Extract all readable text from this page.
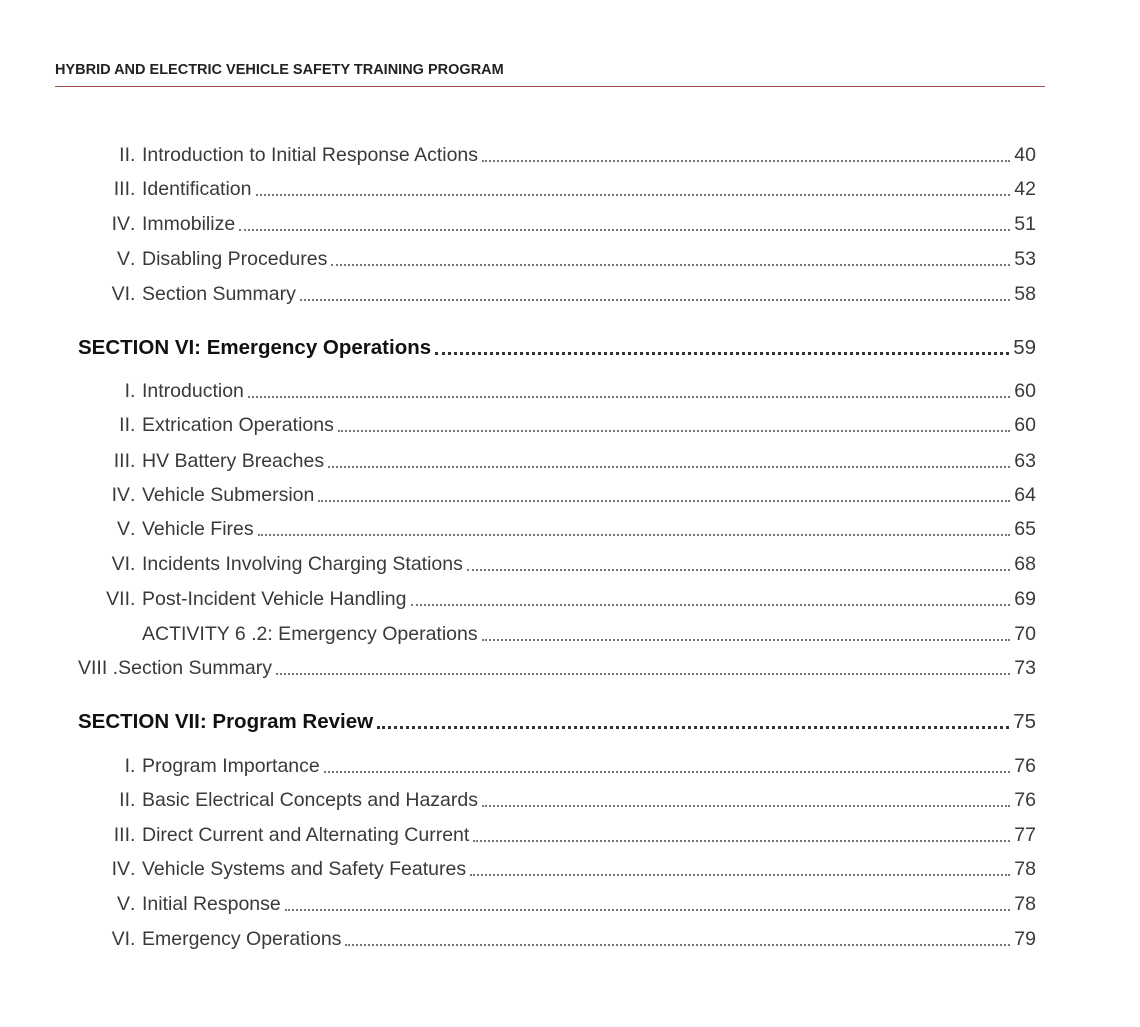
HYBRID AND ELECTRIC VEHICLE SAFETY TRAINING PROGRAM
II . Introduction to Initial Response Actions	40
III . Identification	42
IV . Immobilize	51
V . Disabling Procedures	53
VI . Section Summary	58
SECTION VI: Emergency Operations	59
I . Introduction	60
II . Extrication Operations	60
III . HV Battery Breaches	63
IV . Vehicle Submersion	64
V . Vehicle Fires	65
VI . Incidents Involving Charging Stations	68
VII . Post-Incident Vehicle Handling	69
ACTIVITY 6 .2: Emergency Operations	70
VIII .Section Summary	73
SECTION VII: Program Review	75
I . Program Importance	76
II . Basic Electrical Concepts and Hazards	76
III . Direct Current and Alternating Current	77
IV . Vehicle Systems and Safety Features	78
V . Initial Response	78
VI . Emergency Operations	79
